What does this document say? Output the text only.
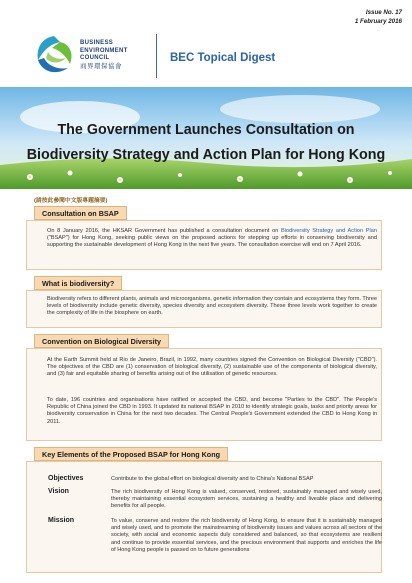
Issue No. 17
1 February 2016
BUSINESS
ENVIRONMENT
COUNCIL
商界環保協會
BEC Topical Digest
The Government Launches Consultation on
Biodiversity Strategy and Action Plan for Hong Kong
(請按此參閱中文版專題摘要)
Consultation on BSAP

On 8 January 2016, the HKSAR Government has published a consultation document on Biodiversity Strategy and Action Plan ("BSAP") for Hong Kong, seeking public views on the proposed actions for stepping up efforts in conserving biodiversity and supporting the sustainable development of Hong Kong in the next five years. The consultation exercise will end on 7 April 2016.

What is biodiversity?

Biodiversity refers to different plants, animals and microorganisms, genetic information they contain and ecosystems they form. Three levels of biodiversity include genetic diversity, species diversity and ecosystem diversity. These three levels work together to create the complexity of life in the biosphere on earth.

Convention on Biological Diversity

At the Earth Summit held at Rio de Janeiro, Brazil, in 1992, many countries signed the Convention on Biological Diversity ("CBD"). The objectives of the CBD are (1) conservation of biological diversity, (2) sustainable use of the components of biological diversity, and (3) fair and equitable sharing of benefits arising out of the utilisation of genetic resources.

To date, 196 countries and organisations have ratified or accepted the CBD, and become "Parties to the CBD". The People's Republic of China joined the CBD in 1993. It updated its national BSAP in 2010 to identify strategic goals, tasks and priority areas for biodiversity conservation in China for the next two decades. The Central People's Government extended the CBD to Hong Kong in 2011.

Key Elements of the Proposed BSAP for Hong Kong
Objectives	Contribute to the global effort on biological diversity and to China's National BSAP
Vision	The rich biodiversity of Hong Kong is valued, conserved, restored, sustainably managed and wisely used, thereby maintaining essential ecosystem services, sustaining a healthy and liveable place and delivering benefits for all people.
Mission	To value, conserve and restore the rich biodiversity of Hong Kong, to ensure that it is sustainably managed and wisely used, and to promote the mainstreaming of biodiversity issues and values across all sectors of the society, with social and economic aspects duly considered and balanced, so that ecosystems are resilient and continue to provide essential services, and the precious environment that supports and enriches the life of Hong Kong people is passed on to future generations
